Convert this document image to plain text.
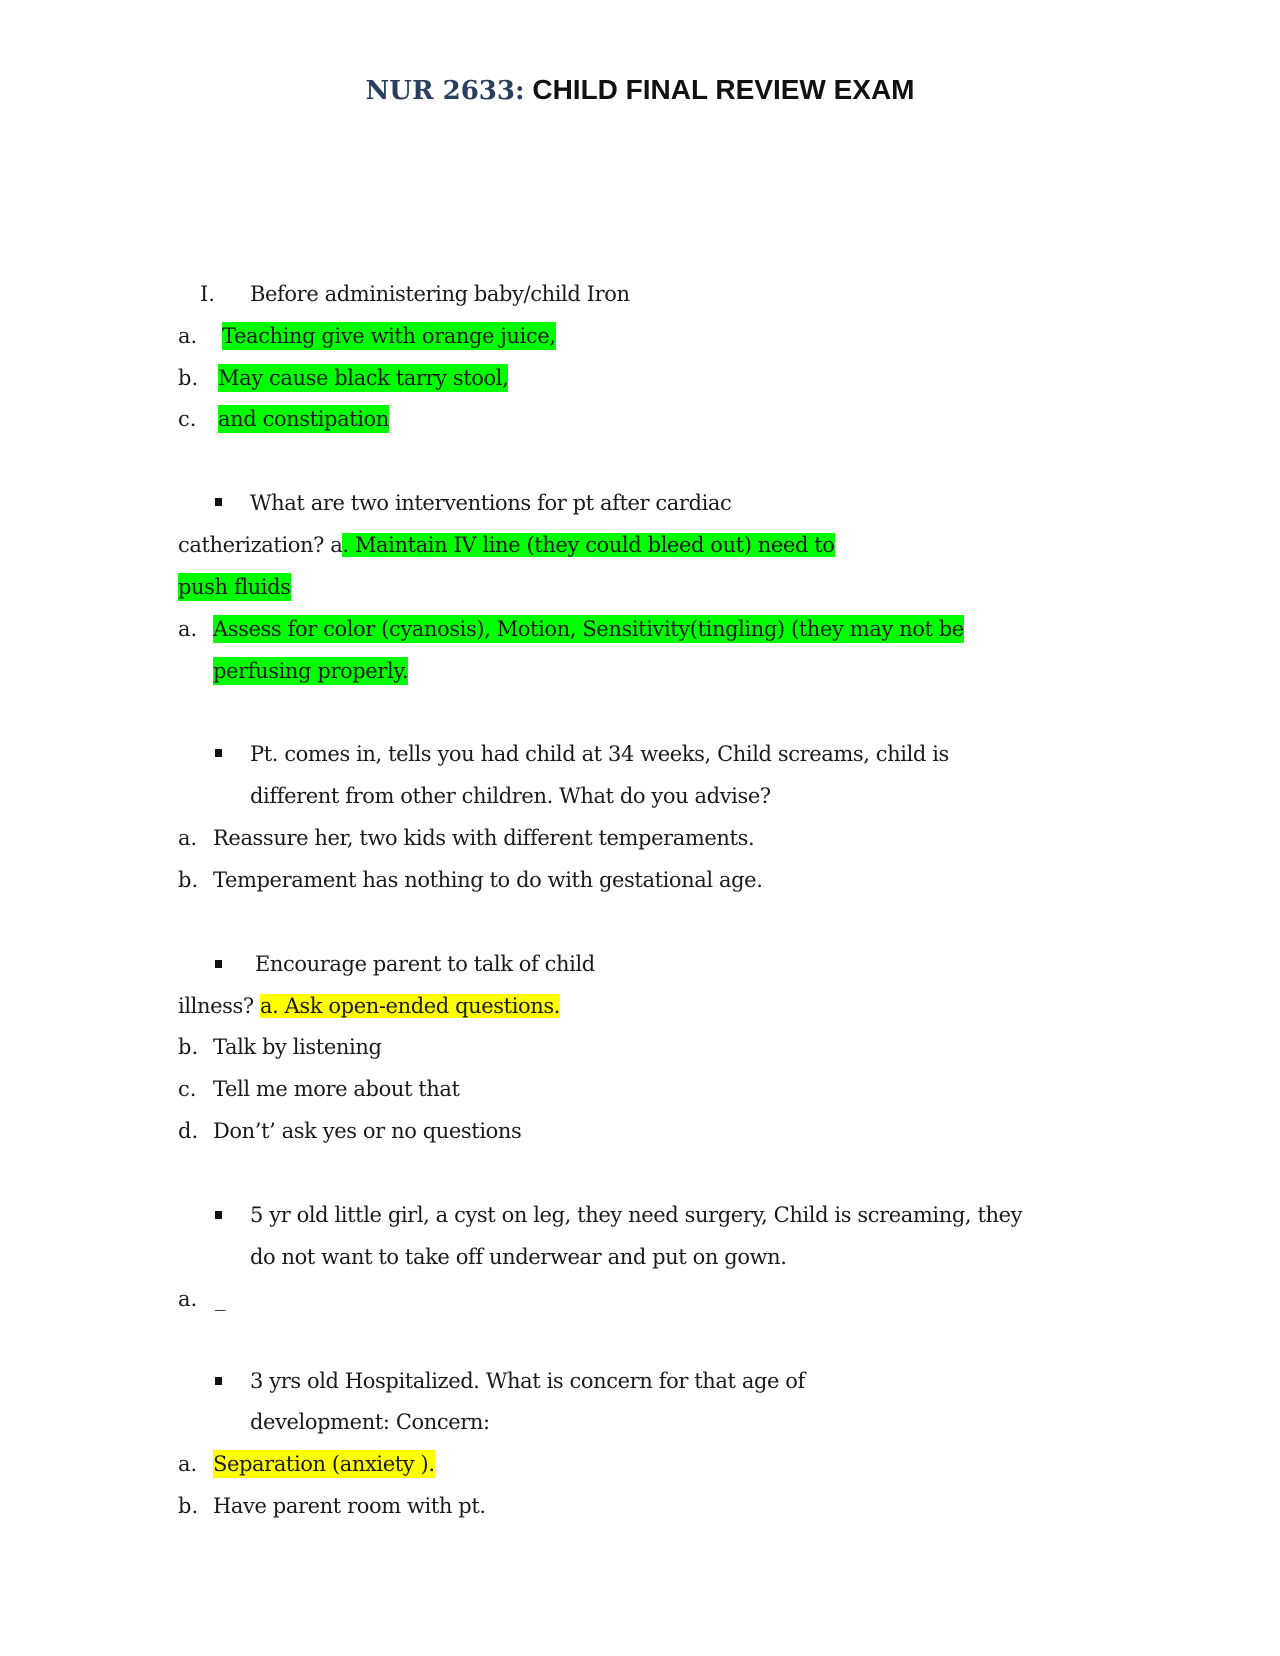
NUR 2633: CHILD FINAL REVIEW EXAM
I. Before administering baby/child Iron
a. Teaching give with orange juice,
b. May cause black tarry stool,
c. and constipation
What are two interventions for pt after cardiac
catherization? a. Maintain IV line (they could bleed out) need to
push fluids
a. Assess for color (cyanosis), Motion, Sensitivity(tingling) (they may not be
perfusing properly.
Pt. comes in, tells you had child at 34 weeks, Child screams, child is
different from other children. What do you advise?
a. Reassure her, two kids with different temperaments.
b. Temperament has nothing to do with gestational age.
Encourage parent to talk of child
illness? a. Ask open-ended questions.
b. Talk by listening
c. Tell me more about that
d. Don’t’ ask yes or no questions
5 yr old little girl, a cyst on leg, they need surgery, Child is screaming, they
do not want to take off underwear and put on gown.
a. _
3 yrs old Hospitalized. What is concern for that age of
development: Concern:
a. Separation (anxiety ).
b. Have parent room with pt.
